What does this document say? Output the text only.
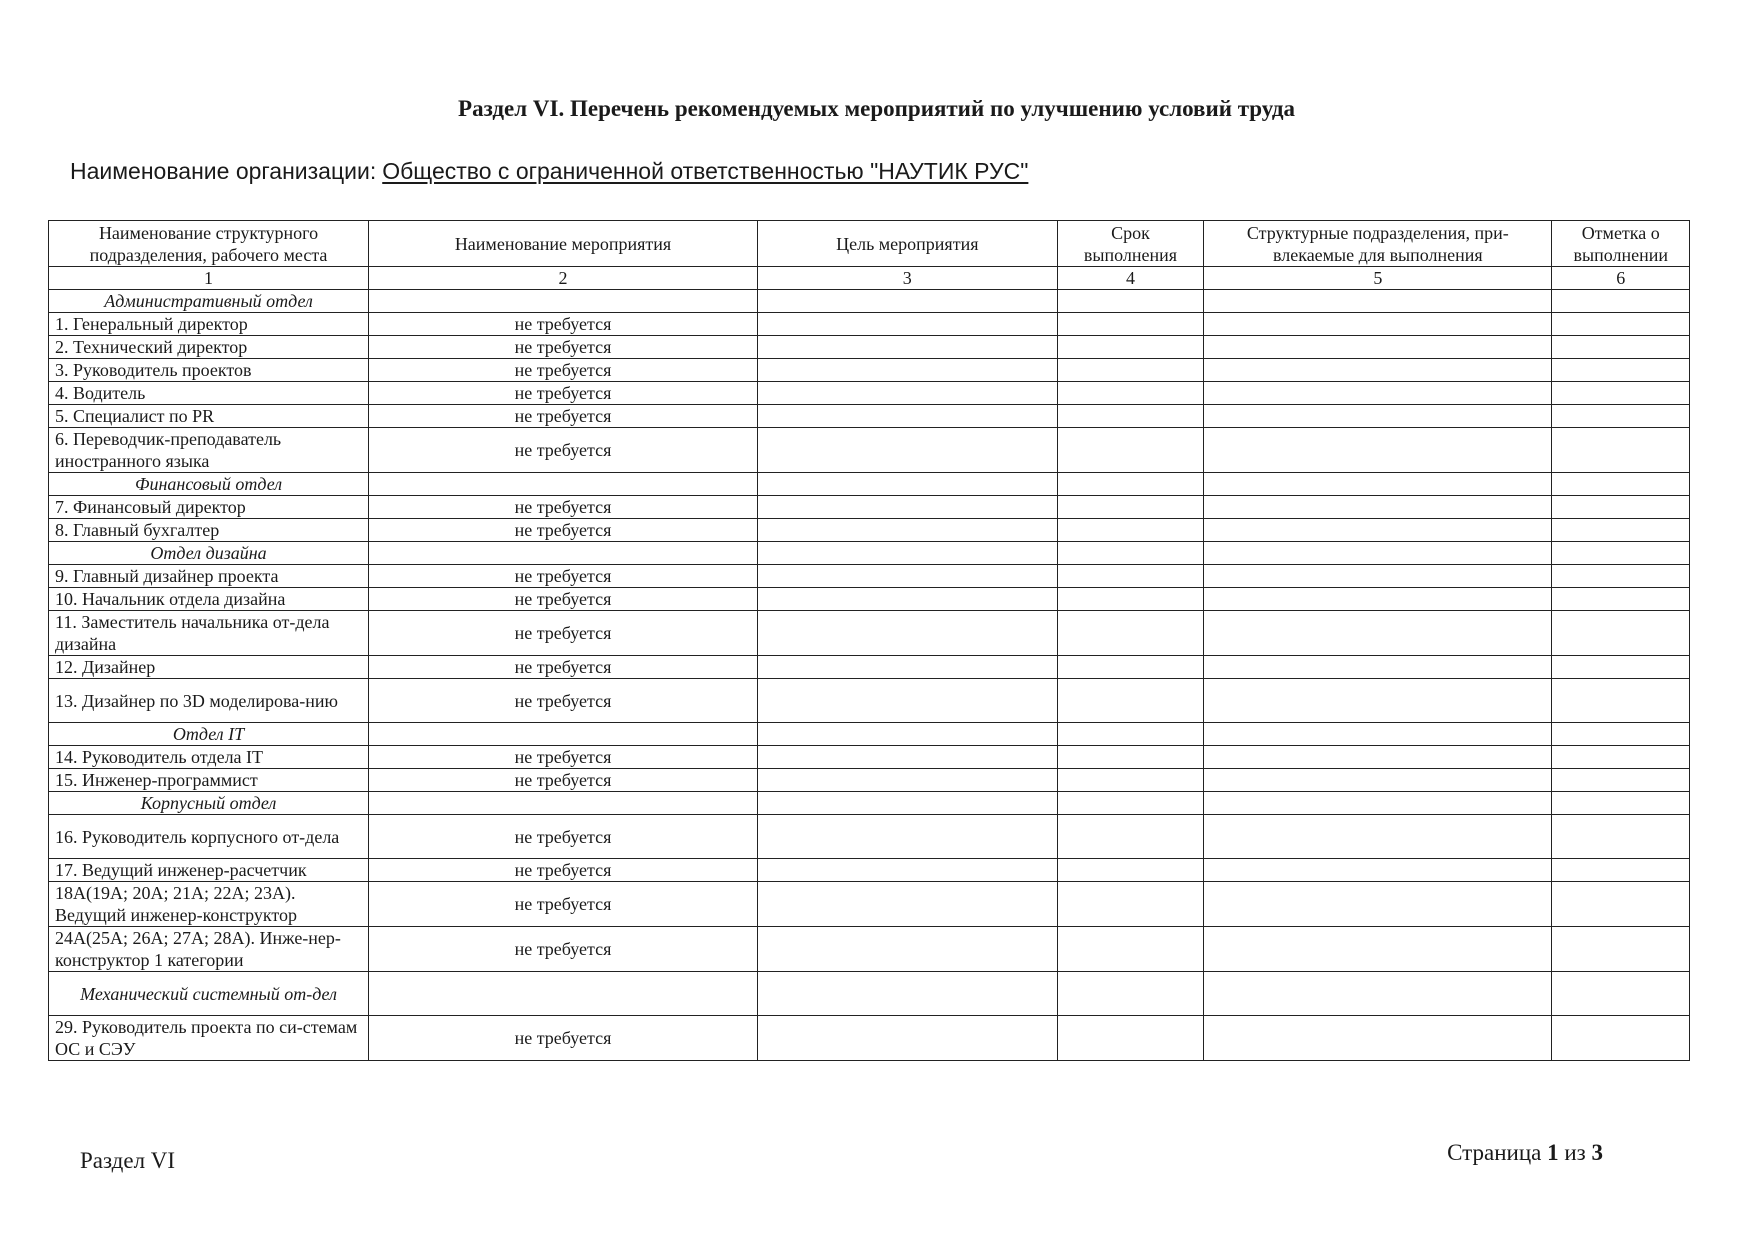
Раздел VI. Перечень рекомендуемых мероприятий по улучшению условий труда
Наименование организации: Общество с ограниченной ответственностью "НАУТИК РУС"
Наименование структурного подразделения, рабочего места	Наименование мероприятия	Цель мероприятия	Срок выполнения	Структурные подразделения, при-влекаемые для выполнения	Отметка о выполнении
1	2	3	4	5	6
Административный отдел					
1. Генеральный директор	не требуется				
2. Технический директор	не требуется				
3. Руководитель проектов	не требуется				
4. Водитель	не требуется				
5. Специалист по PR	не требуется				
6. Переводчик-преподаватель иностранного языка	не требуется				
Финансовый отдел					
7. Финансовый директор	не требуется				
8. Главный бухгалтер	не требуется				
Отдел дизайна					
9. Главный дизайнер проекта	не требуется				
10. Начальник отдела дизайна	не требуется				
11. Заместитель начальника от-дела дизайна	не требуется				
12. Дизайнер	не требуется				
13. Дизайнер по 3D моделирова-нию	не требуется				
Отдел IT					
14. Руководитель отдела IT	не требуется				
15. Инженер-программист	не требуется				
Корпусный отдел					
16. Руководитель корпусного от-дела	не требуется				
17. Ведущий инженер-расчетчик	не требуется				
18А(19А; 20А; 21А; 22А; 23А). Ведущий инженер-конструктор	не требуется				
24А(25А; 26А; 27А; 28А). Инже-нер-конструктор 1 категории	не требуется				
Механический системный от-дел					
29. Руководитель проекта по си-стемам ОС и СЭУ	не требуется				
Раздел VI	Страница 1 из 3
